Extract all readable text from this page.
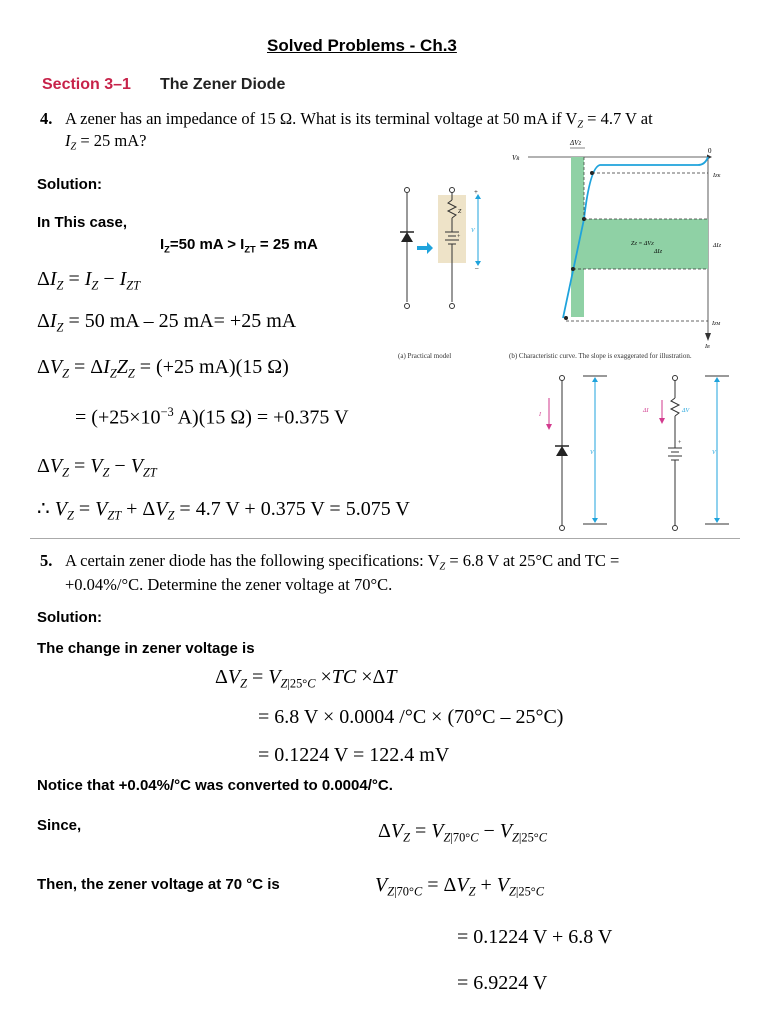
Solved Problems - Ch.3
Section 3–1 The Zener Diode
4. A zener has an impedance of 15 Ω. What is its terminal voltage at 50 mA if $V_Z = 4.7$ V at
$I_Z = 25$ mA?
Solution:
In This case,
$I_Z=50$ mA > $I_{ZT} = 25$ mA
$\Delta I_Z = I_Z - I_{ZT}$
$\Delta I_Z = 50$ mA – 25 mA= +25 mA
$\Delta V_Z = \Delta I_ZZ_Z = (+25$ mA)(15 Ω)
= ($+25\times 10^{-3}$ A)(15 Ω) = +0.375 V
$\Delta V_Z = V_Z - V_{ZT}$
∴ $V_Z = V_{ZT} + \Delta V_Z = 4.7$ V + 0.375 V = 5.075 V
Z
+
+
V
–
(a) Practical model
ΔVZ
VR
0
IZK
ZZ = ΔVZ
ΔIZ
ΔIZ
IZM
IR
(b) Characteristic curve. The slope is exaggerated for illustration.
I
V
+
ΔI	ΔV
V
5. A certain zener diode has the following specifications: $V_Z = 6.8$ V at 25°C and TC =
+0.04%/°C. Determine the zener voltage at 70°C.
Solution:
The change in zener voltage is
$\Delta V_Z = V_{Z|25^\circ C} \times TC \times\Delta T$
= 6.8 V × 0.0004 /°C × (70°C – 25°C)
= 0.1224 V = 122.4 mV
Notice that +0.04%/°C was converted to 0.0004/°C.
Since,	$\Delta V_Z = V_{Z|70^\circ C} - V_{Z|25^\circ C}$
Then, the zener voltage at 70 °C is	$V_{Z|70^\circ C} = \Delta V_Z + V_{Z|25^\circ C}$
= 0.1224 V + 6.8 V
= 6.9224 V
